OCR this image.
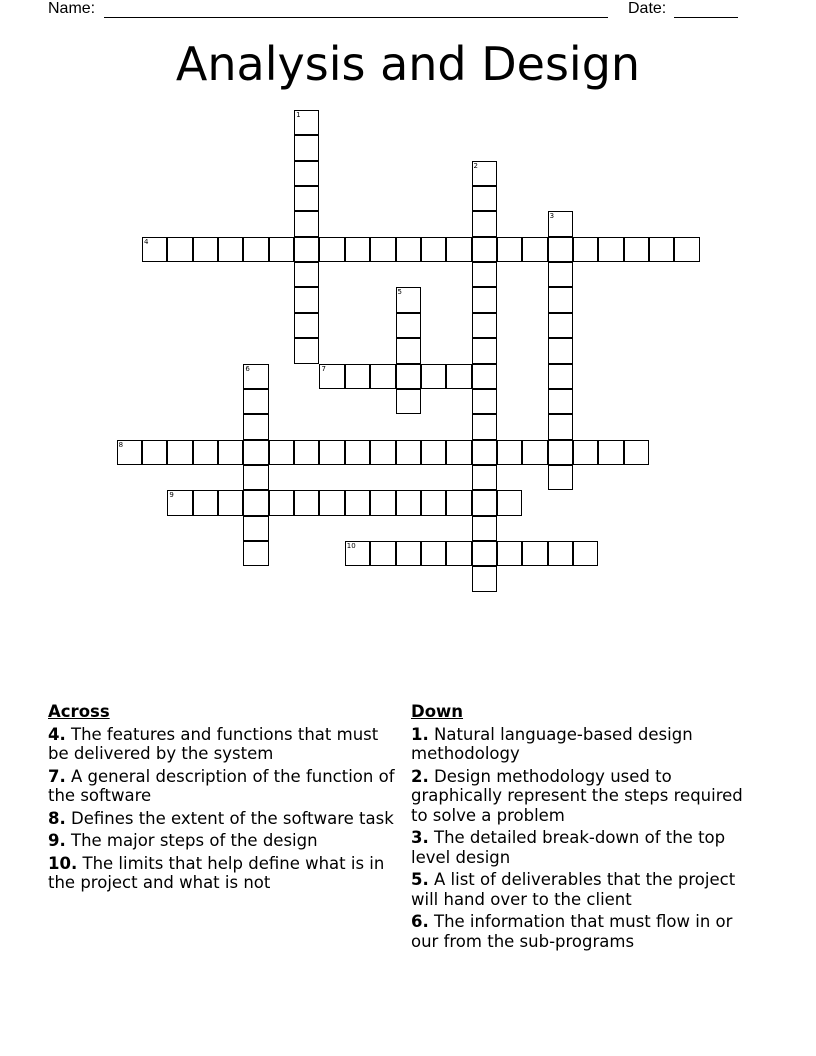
Name:	Date:
Analysis and Design
1
2
3
4
5
6	7
8
9
10
Across
4. The features and functions that must be delivered by the system
7. A general description of the function of the software
8. Defines the extent of the software task
9. The major steps of the design
10. The limits that help define what is in the project and what is not
Down
1. Natural language-based design methodology
2. Design methodology used to graphically represent the steps required to solve a problem
3. The detailed break-down of the top level design
5. A list of deliverables that the project will hand over to the client
6. The information that must flow in or our from the sub-programs
